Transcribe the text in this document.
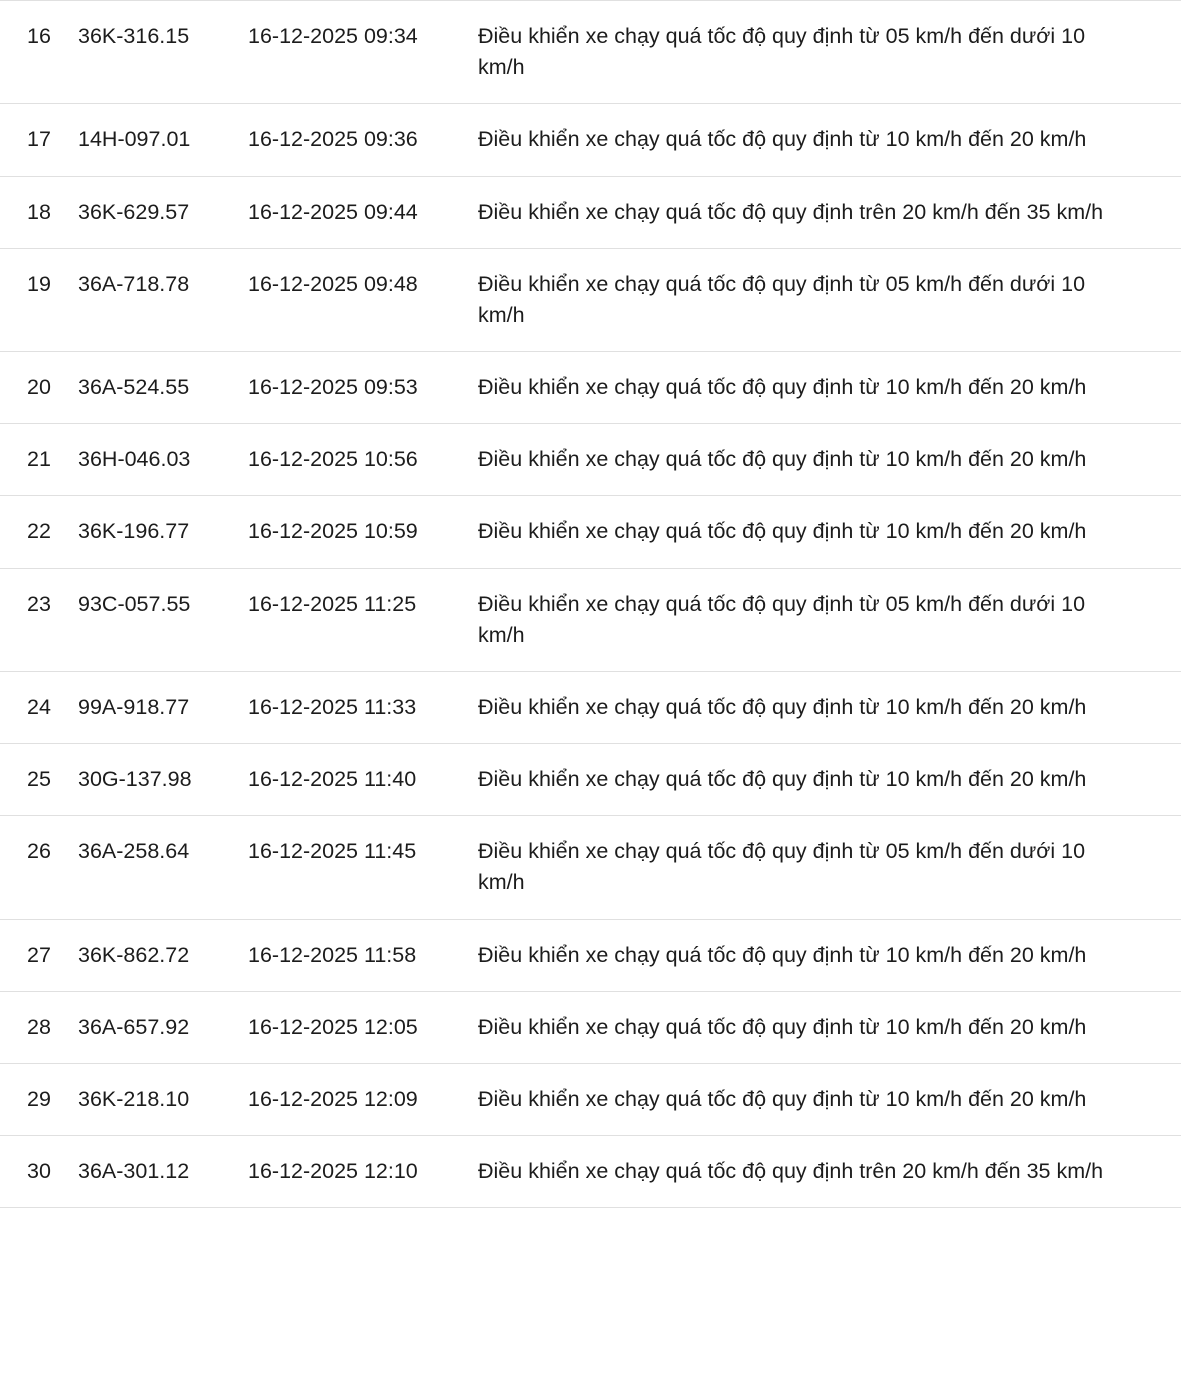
16	36K-316.15	16-12-2025 09:34	Điều khiển xe chạy quá tốc độ quy định từ 05 km/h đến dưới 10 km/h
17	14H-097.01	16-12-2025 09:36	Điều khiển xe chạy quá tốc độ quy định từ 10 km/h đến 20 km/h
18	36K-629.57	16-12-2025 09:44	Điều khiển xe chạy quá tốc độ quy định trên 20 km/h đến 35 km/h
19	36A-718.78	16-12-2025 09:48	Điều khiển xe chạy quá tốc độ quy định từ 05 km/h đến dưới 10 km/h
20	36A-524.55	16-12-2025 09:53	Điều khiển xe chạy quá tốc độ quy định từ 10 km/h đến 20 km/h
21	36H-046.03	16-12-2025 10:56	Điều khiển xe chạy quá tốc độ quy định từ 10 km/h đến 20 km/h
22	36K-196.77	16-12-2025 10:59	Điều khiển xe chạy quá tốc độ quy định từ 10 km/h đến 20 km/h
23	93C-057.55	16-12-2025 11:25	Điều khiển xe chạy quá tốc độ quy định từ 05 km/h đến dưới 10 km/h
24	99A-918.77	16-12-2025 11:33	Điều khiển xe chạy quá tốc độ quy định từ 10 km/h đến 20 km/h
25	30G-137.98	16-12-2025 11:40	Điều khiển xe chạy quá tốc độ quy định từ 10 km/h đến 20 km/h
26	36A-258.64	16-12-2025 11:45	Điều khiển xe chạy quá tốc độ quy định từ 05 km/h đến dưới 10 km/h
27	36K-862.72	16-12-2025 11:58	Điều khiển xe chạy quá tốc độ quy định từ 10 km/h đến 20 km/h
28	36A-657.92	16-12-2025 12:05	Điều khiển xe chạy quá tốc độ quy định từ 10 km/h đến 20 km/h
29	36K-218.10	16-12-2025 12:09	Điều khiển xe chạy quá tốc độ quy định từ 10 km/h đến 20 km/h
30	36A-301.12	16-12-2025 12:10	Điều khiển xe chạy quá tốc độ quy định trên 20 km/h đến 35 km/h
